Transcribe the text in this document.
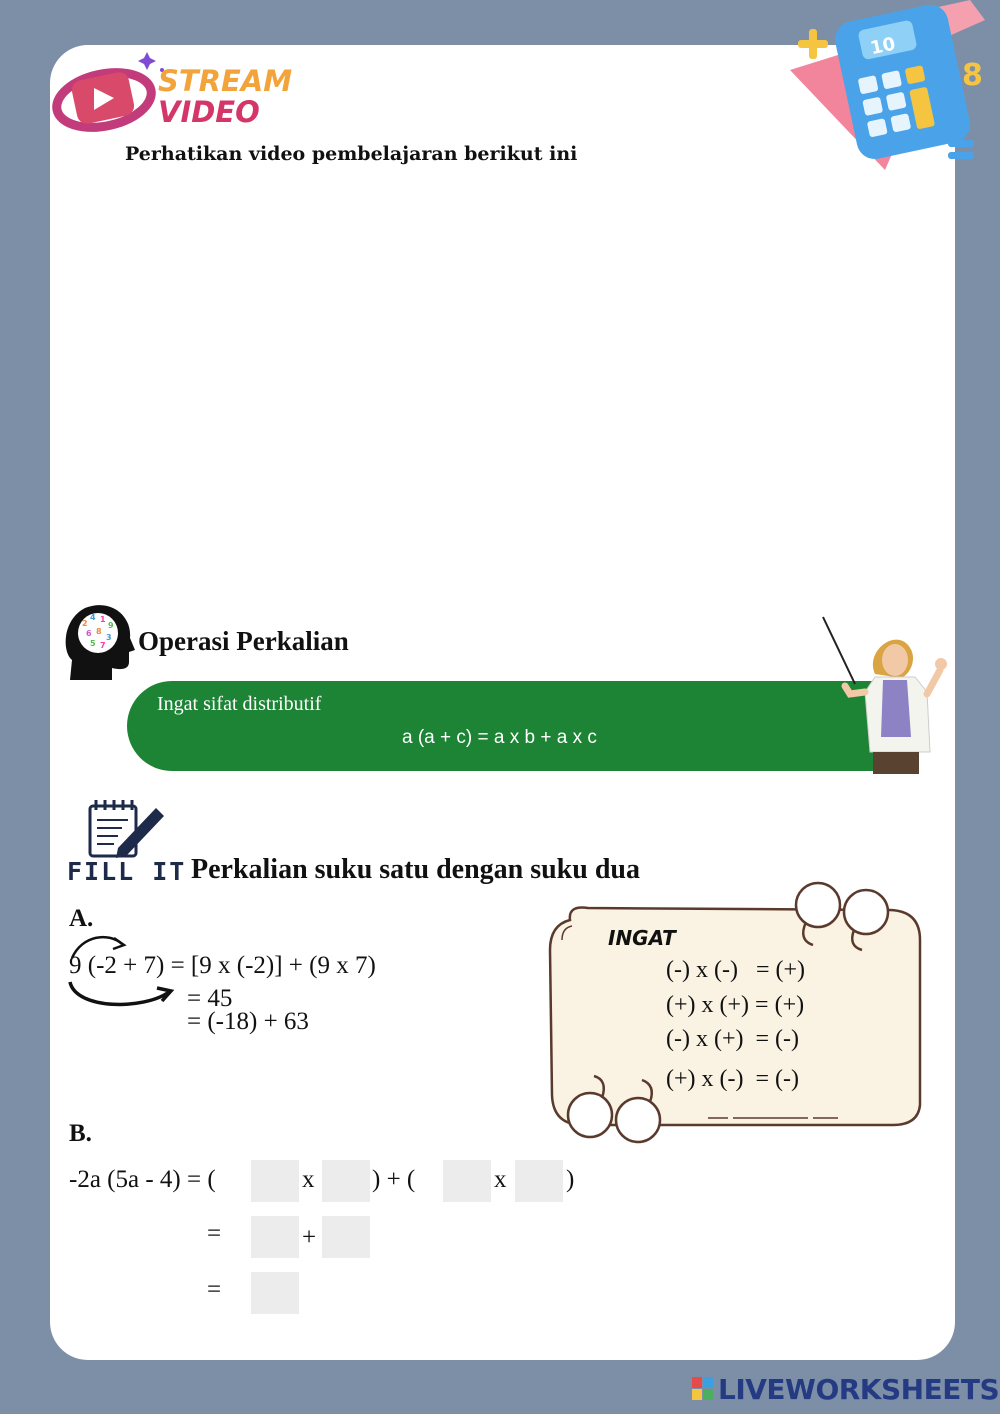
STREAM
VIDEO
Perhatikan video pembelajaran berikut ini
10
8
2
4 1
9
6 8
3
5 7 Operasi Perkalian
Ingat sifat distributif
a (a + c) = a x b + a x c
FILL IT Perkalian suku satu dengan suku dua
A.
9 (-2 + 7) = [9 x (-2)] + (9 x 7)
= 45
= (-18) + 63
INGAT
(-) x (-)   = (+)
(+) x (+) = (+)
(-) x (+)  = (-)
(+) x (-)  = (-)
B.
-2a (5a - 4) = (	x ) + (	x )
=	+
=
LIVEWORKSHEETS
